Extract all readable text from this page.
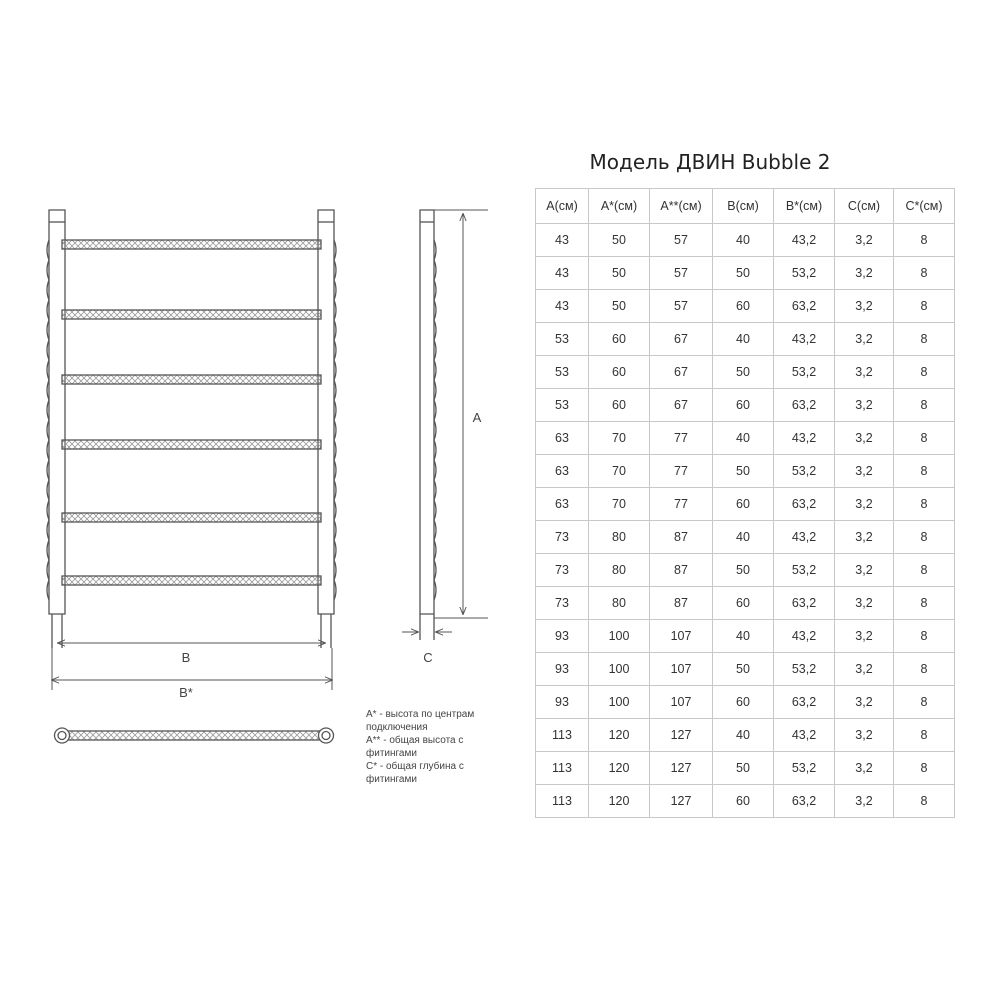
B
B*
A
C
Модель ДВИН Bubble 2
A(см)	A*(см)	A**(см)	B(см)	B*(см)	C(см)	C*(см)
43	50	57	40	43,2	3,2	8
43	50	57	50	53,2	3,2	8
43	50	57	60	63,2	3,2	8
53	60	67	40	43,2	3,2	8
53	60	67	50	53,2	3,2	8
53	60	67	60	63,2	3,2	8
63	70	77	40	43,2	3,2	8
63	70	77	50	53,2	3,2	8
63	70	77	60	63,2	3,2	8
73	80	87	40	43,2	3,2	8
73	80	87	50	53,2	3,2	8
73	80	87	60	63,2	3,2	8
93	100	107	40	43,2	3,2	8
93	100	107	50	53,2	3,2	8
93	100	107	60	63,2	3,2	8
113	120	127	40	43,2	3,2	8
113	120	127	50	53,2	3,2	8
113	120	127	60	63,2	3,2	8
A* - высота по центрам подключения
A** - общая высота с фитингами
C* - общая глубина с фитингами
